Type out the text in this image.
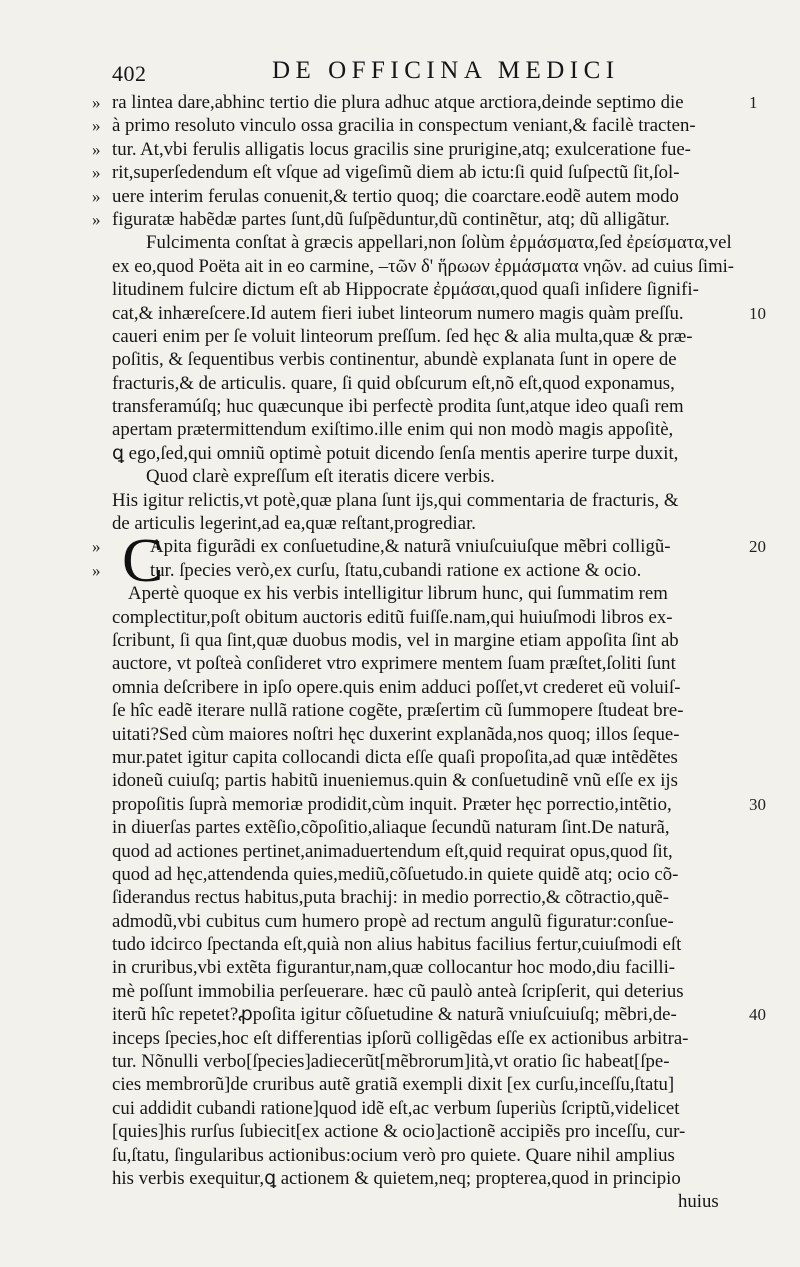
402	DE OFFICINA MEDICI
» ra lintea dare,abhinc tertio die plura adhuc atque arctiora,deinde septimo die	1
» à primo resoluto vinculo ossa gracilia in conspectum veniant,& facilè tracten-
» tur. At,vbi ferulis alligatis locus gracilis sine prurigine,atq; exulceratione fue-
» rit,superſedendum eſt vſque ad vigeſimũ diem ab ictu:ſi quid ſuſpectũ ſit,ſol-
» uere interim ferulas conuenit,& tertio quoq; die coarctare.eodẽ autem modo
» figuratæ habẽdæ partes ſunt,dũ ſuſpẽduntur,dũ continẽtur, atq; dũ alligãtur.
Fulcimenta conſtat à græcis appellari,non ſolùm ἐρμάσματα,ſed ἐρείσματα,vel
ex eo,quod Poëta ait in eo carmine, –τῶν δ' ἥρωων ἐρμάσματα νηῶν. ad cuius ſimi-
litudinem fulcire dictum eſt ab Hippocrate ἐρμάσαι,quod quaſi inſidere ſignifi-
cat,& inhæreſcere.Id autem fieri iubet linteorum numero magis quàm preſſu.	10
caueri enim per ſe voluit linteorum preſſum. ſed hęc & alia multa,quæ & præ-
poſitis, & ſequentibus verbis continentur, abundè explanata ſunt in opere de
fracturis,& de articulis. quare, ſi quid obſcurum eſt,nõ eſt,quod exponamus,
transferamúſq; huc quæcunque ibi perfectè prodita ſunt,atque ideo quaſi rem
apertam prætermittendum exiſtimo.ille enim qui non modò magis appoſitè,
ꝗ ego,ſed,qui omniũ optimè potuit dicendo ſenſa mentis aperire turpe duxit,
Quod clarè expreſſum eſt iteratis dicere verbis.
His igitur relictis,vt potè,quæ plana ſunt ijs,qui commentaria de fracturis, &
de articulis legerint,ad ea,quæ reſtant,progrediar.
» C
Apita figurãdi ex conſuetudine,& naturã vniuſcuiuſque mẽbri colligũ-	20
»	tur. ſpecies verò,ex curſu, ſtatu,cubandi ratione ex actione & ocio.
Apertè quoque ex his verbis intelligitur librum hunc, qui ſummatim rem
complectitur,poſt obitum auctoris editũ fuiſſe.nam,qui huiuſmodi libros ex-
ſcribunt, ſi qua ſint,quæ duobus modis, vel in margine etiam appoſita ſint ab
auctore, vt poſteà conſideret vtro exprimere mentem ſuam præſtet,ſoliti ſunt
omnia deſcribere in ipſo opere.quis enim adduci poſſet,vt crederet eũ voluiſ-
ſe hîc eadẽ iterare nullã ratione cogẽte, præſertim cũ ſummopere ſtudeat bre-
uitati?Sed cùm maiores noſtri hęc duxerint explanãda,nos quoq; illos ſeque-
mur.patet igitur capita collocandi dicta eſſe quaſi propoſita,ad quæ intẽdẽtes
idoneũ cuiuſq; partis habitũ inueniemus.quin & conſuetudinẽ vnũ eſſe ex ijs
propoſitis ſuprà memoriæ prodidit,cùm inquit. Præter hęc porrectio,intẽtio,	30
in diuerſas partes extẽſio,cõpoſitio,aliaque ſecundũ naturam ſint.De naturã,
quod ad actiones pertinet,animaduertendum eſt,quid requirat opus,quod ſit,
quod ad hęc,attendenda quies,mediũ,cõſuetudo.in quiete quidẽ atq; ocio cõ-
ſiderandus rectus habitus,puta brachij: in medio porrectio,& cõtractio,quẽ-
admodũ,vbi cubitus cum humero propè ad rectum angulũ figuratur:conſue-
tudo idcirco ſpectanda eſt,quià non alius habitus facilius fertur,cuiuſmodi eſt
in cruribus,vbi extẽta figurantur,nam,quæ collocantur hoc modo,diu facilli-
mè poſſunt immobilia perſeuerare. hæc cũ paulò anteà ſcripſerit, qui deterius
iterũ hîc repetet?ꝓpoſita igitur cõſuetudine & naturã vniuſcuiuſq; mẽbri,de-	40
inceps ſpecies,hoc eſt differentias ipſorũ colligẽdas eſſe ex actionibus arbitra-
tur. Nõnulli verbo[ſpecies]adiecerũt[mẽbrorum]ità,vt oratio ſic habeat[ſpe-
cies membrorũ]de cruribus autẽ gratiã exempli dixit [ex curſu,inceſſu,ſtatu]
cui addidit cubandi ratione]quod idẽ eſt,ac verbum ſuperiùs ſcriptũ,videlicet
[quies]his rurſus ſubiecit[ex actione & ocio]actionẽ accipiẽs pro inceſſu, cur-
ſu,ſtatu, ſingularibus actionibus:ocium verò pro quiete. Quare nihil amplius
his verbis exequitur,ꝗ actionem & quietem,neq; propterea,quod in principio
huius
